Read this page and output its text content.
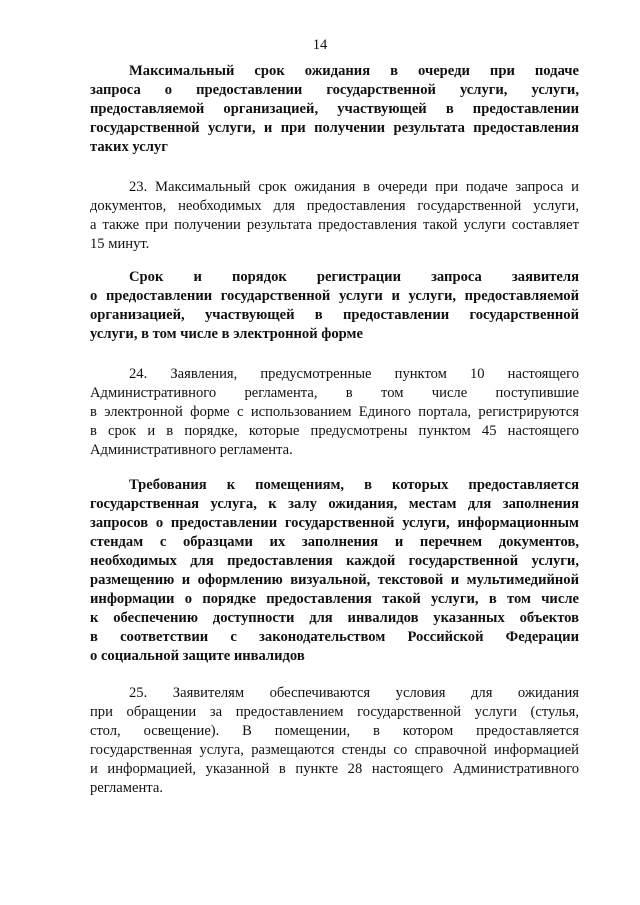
14
Максимальный срок ожидания в очереди при подаче
запроса о предоставлении государственной услуги, услуги,
предоставляемой организацией, участвующей в предоставлении
государственной услуги, и при получении результата предоставления
таких услуг
23. Максимальный срок ожидания в очереди при подаче запроса и
документов, необходимых для предоставления государственной услуги,
а также при получении результата предоставления такой услуги составляет
15 минут.
Срок и порядок регистрации запроса заявителя
о предоставлении государственной услуги и услуги, предоставляемой
организацией, участвующей в предоставлении государственной
услуги, в том числе в электронной форме
24. Заявления, предусмотренные пунктом 10 настоящего
Административного регламента, в том числе поступившие
в электронной форме с использованием Единого портала, регистрируются
в срок и в порядке, которые предусмотрены пунктом 45 настоящего
Административного регламента.
Требования к помещениям, в которых предоставляется
государственная услуга, к залу ожидания, местам для заполнения
запросов о предоставлении государственной услуги, информационным
стендам с образцами их заполнения и перечнем документов,
необходимых для предоставления каждой государственной услуги,
размещению и оформлению визуальной, текстовой и мультимедийной
информации о порядке предоставления такой услуги, в том числе
к обеспечению доступности для инвалидов указанных объектов
в соответствии с законодательством Российской Федерации
о социальной защите инвалидов
25. Заявителям обеспечиваются условия для ожидания
при обращении за предоставлением государственной услуги (стулья,
стол, освещение). В помещении, в котором предоставляется
государственная услуга, размещаются стенды со справочной информацией
и информацией, указанной в пункте 28 настоящего Административного
регламента.
